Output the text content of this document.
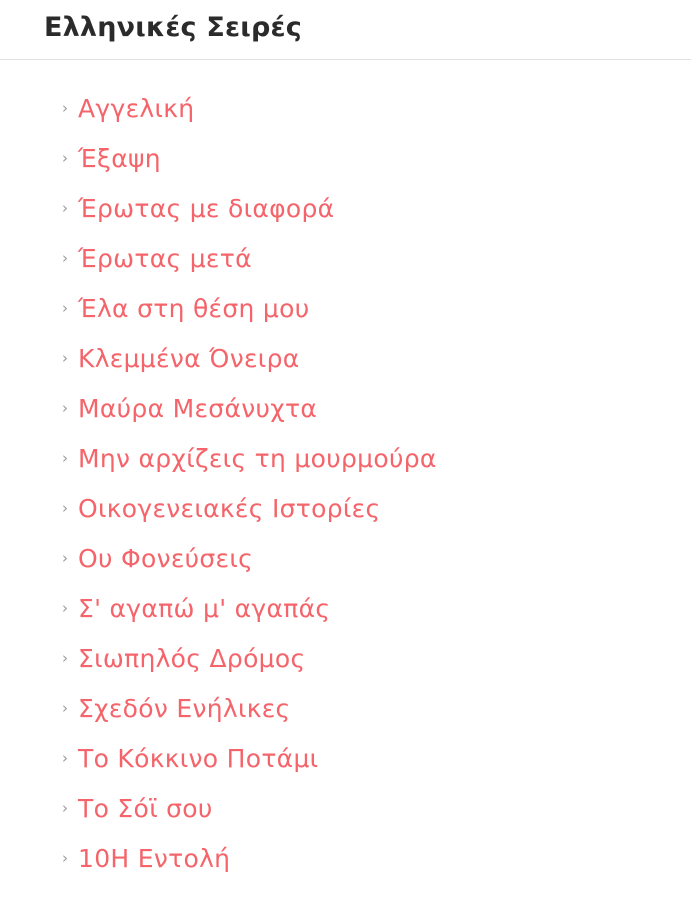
Ελληνικές Σειρές
› Αγγελική
› Έξαψη
› Έρωτας με διαφορά
› Έρωτας μετά
› Έλα στη θέση μου
› Κλεμμένα Όνειρα
› Μαύρα Μεσάνυχτα
› Μην αρχίζεις τη μουρμούρα
› Οικογενειακές Ιστορίες
› Ου Φονεύσεις
› Σ' αγαπώ μ' αγαπάς
› Σιωπηλός Δρόμος
› Σχεδόν Ενήλικες
› Το Κόκκινο Ποτάμι
› Το Σόϊ σου
› 10Η Εντολή
